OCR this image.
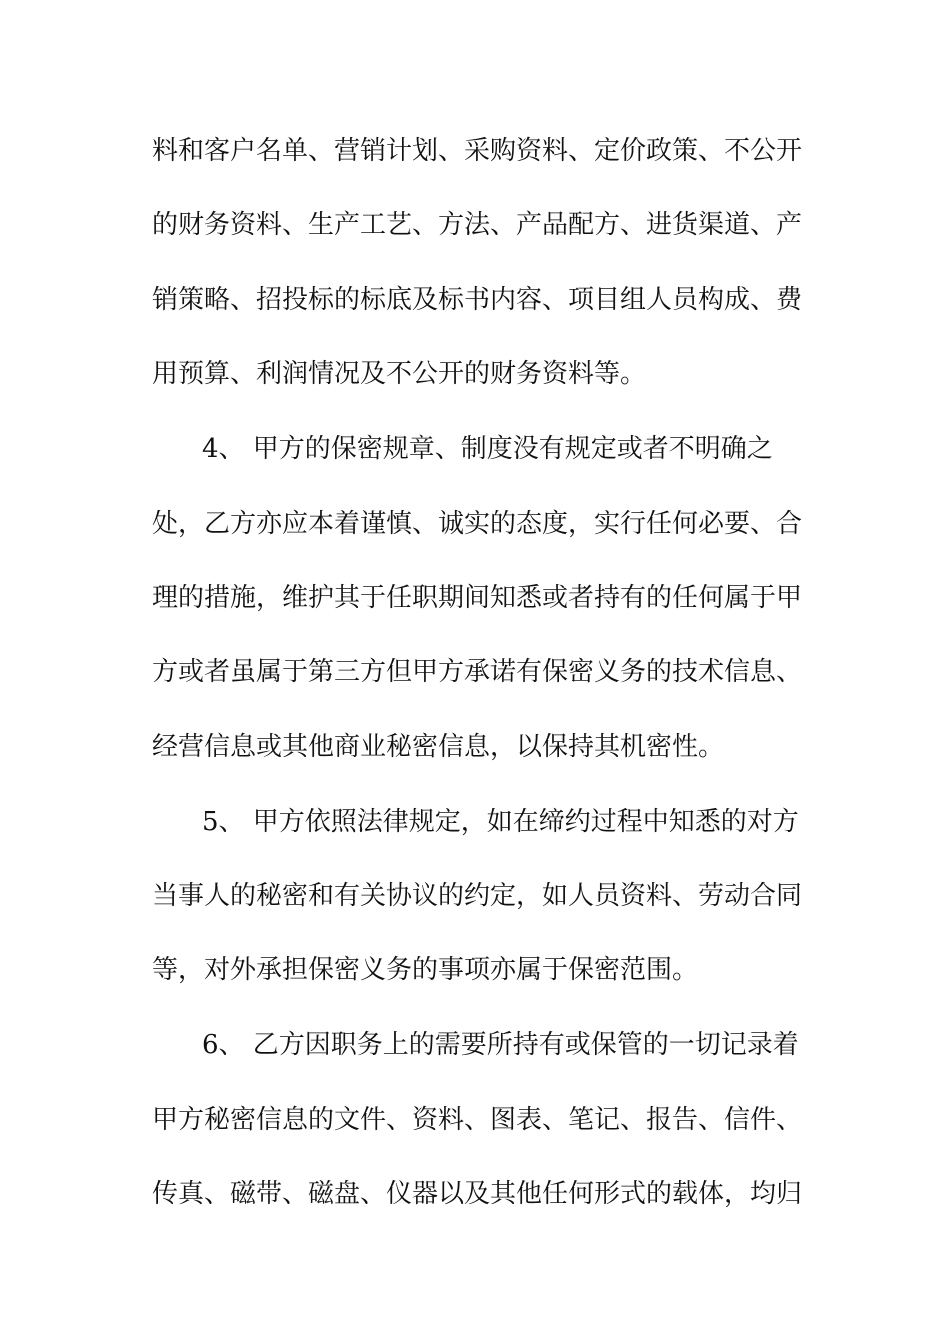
料和客户名单、营销计划、采购资料、定价政策、不公开
的财务资料、生产工艺、方法、产品配方、进货渠道、产
销策略、招投标的标底及标书内容、项目组人员构成、费
用预算、利润情况及不公开的财务资料等。
4、 甲方的保密规章、制度没有规定或者不明确之
处，乙方亦应本着谨慎、诚实的态度，实行任何必要、合
理的措施，维护其于任职期间知悉或者持有的任何属于甲
方或者虽属于第三方但甲方承诺有保密义务的技术信息、
经营信息或其他商业秘密信息，以保持其机密性。
5、 甲方依照法律规定，如在缔约过程中知悉的对方
当事人的秘密和有关协议的约定，如人员资料、劳动合同
等，对外承担保密义务的事项亦属于保密范围。
6、 乙方因职务上的需要所持有或保管的一切记录着
甲方秘密信息的文件、资料、图表、笔记、报告、信件、
传真、磁带、磁盘、仪器以及其他任何形式的载体，均归
